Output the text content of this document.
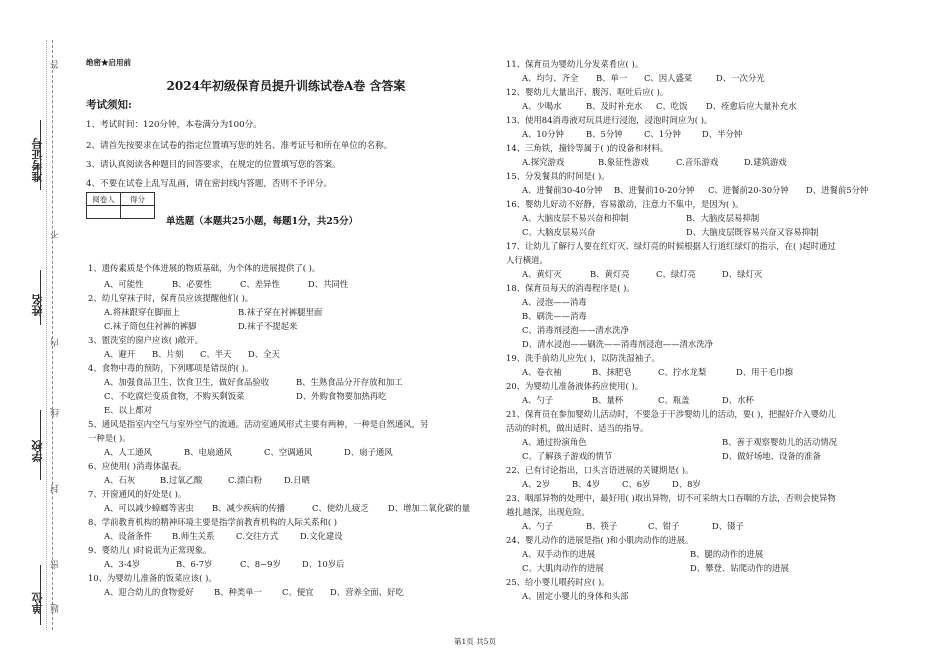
准考证号
姓名
学校
单位
答
不
内
线
封
密
题
绝密★启用前
2024年初级保育员提升训练试卷A卷 含答案
考试须知:
1、考试时间：120分钟，本卷满分为100分。
2、请首先按要求在试卷的指定位置填写您的姓名、准考证号和所在单位的名称。
3、请认真阅读各种题目的回答要求，在规定的位置填写您的答案。
4、不要在试卷上乱写乱画，请在密封线内答题，否则不予评分。
阅卷人	得分

单选题（本题共25小题，每题1分，共25分）
1、遗传素质是个体进展的物质基础，为个体的进展提供了( )。
A、可能性	B、必要性	C、差异性	D、共同性
2、幼儿穿袜子时，保育员应该提醒他们( )。
A.将袜跟穿在脚面上	B.袜子穿在衬裤腿里面
C.袜子筒包住衬裤的裤脚	D.袜子不提起来
3、盥洗室的窗户应该( )敞开。
A、避开 B、片刻 C、半天 D、全天
4、食物中毒的预防，下列哪项是错误的( )。
A、加强食品卫生、饮食卫生，做好食品验收	B、生熟食品分开存放和加工
C、不吃腐烂变质食物，不购买剩饭菜	D、外购食物要加热再吃
E、以上都对
5、通风是指室内空气与室外空气的流通。活动室通风形式主要有两种，一种是自然通风，另
一种是( )。
A、人工通风	B、电扇通风	C、空调通风	D、扇子通风
6、应使用( )消毒体温表。
A、石灰	B.过氧乙酸	C.漂白粉	D.日晒
7、开窗通风的好处是( )。
A、可以减少蟑螂等害虫 B、减少疾病的传播	C、使幼儿疲乏 D、增加二氧化碳的量
8、学前教育机构的精神环境主要是指学前教育机构的人际关系和( )
A、设备条件 B.师生关系	C.交往方式	D.文化建设
9、婴幼儿( )时说谎为正常现象。
A、3-4岁	B、6-7岁	C、8~9岁	D、10岁后
10、为婴幼儿准备的饭菜应该( )。
A、迎合幼儿的食物爱好 B、种类单一 C、便宜 D、营养全面、好吃
11、保育员为婴幼儿分发菜肴应( )。
A、均匀、齐全 B、单一 C、因人盛菜	D、一次分光
12、婴幼儿大量出汗、腹泻、呕吐后应( )。
A、少喝水	B、及时补充水 C、吃饭 D、痊愈后应大量补充水
13、使用84消毒液对玩具进行浸泡，浸泡时间应为( )。
A、10分钟	B、5分钟	C、1分钟	D、半分钟
14、三角铁，撞铃等属于( )的设备和材料。
A.探究游戏	B.象征性游戏	C.音乐游戏	D.建筑游戏
15、分发餐具的时间是( )。
A、进餐前30-40分钟 B、进餐前10-20分钟 C、进餐前20-30分钟 D、进餐前5分钟
16、婴幼儿好动不好静，容易激动，注意力不集中，是因为( )。
A、大脑皮层不易兴奋和抑制	B、大脑皮层易抑制
C、大脑皮层易兴奋	D、大脑皮层既容易兴奋又容易抑制
17、让幼儿了解行人要在红灯灭、绿灯亮的时候根据人行道红绿灯的指示，在( )起时通过
人行横道。
A、黄灯灭	B、黄灯亮	C、绿灯亮	D、绿灯灭
18、保育员每天的消毒程序是( )。
A、浸泡——消毒
B、刷洗——消毒
C、消毒剂浸泡——清水洗净
D、清水浸泡——刷洗——消毒剂浸泡——清水洗净
19、洗手前幼儿应先( )，以防洗湿袖子。
A、卷衣袖	B、抹肥皂	C、拧水龙梨	D、用干毛巾擦
20、为婴幼儿准备液体药应使用( )。
A、勺子	B、量杯	C、瓶盖	D、水杯
21、保育员在参加婴幼儿活动时，不要急于干涉婴幼儿的活动，要( )，把握好介入婴幼儿
活动的时机，做出适时、适当的指导。
A、通过扮演角色	B、善于观察婴幼儿的活动情况
C、了解孩子游戏的情节	D、做好场地、设备的准备
22、已有讨论指出，口头言语进展的关键期是( )。
A、2岁	B、4岁	C、6岁	D、8岁
23、咽部异物的处理中，最好用( )取出异物，切不可采纳大口吞咽的方法，否则会使异物
越扎越深，出现危险。
A、勺子	B、筷子	C、钳子	D、镊子
24、婴儿动作的进展是指( )和小肌肉动作的进展。
A、双手动作的进展	B、腿的动作的进展
C、大肌肉动作的进展	D、攀登、钻爬动作的进展
25、给小婴儿喂药时应( )。
A、固定小婴儿的身体和头部
第1页 共5页
